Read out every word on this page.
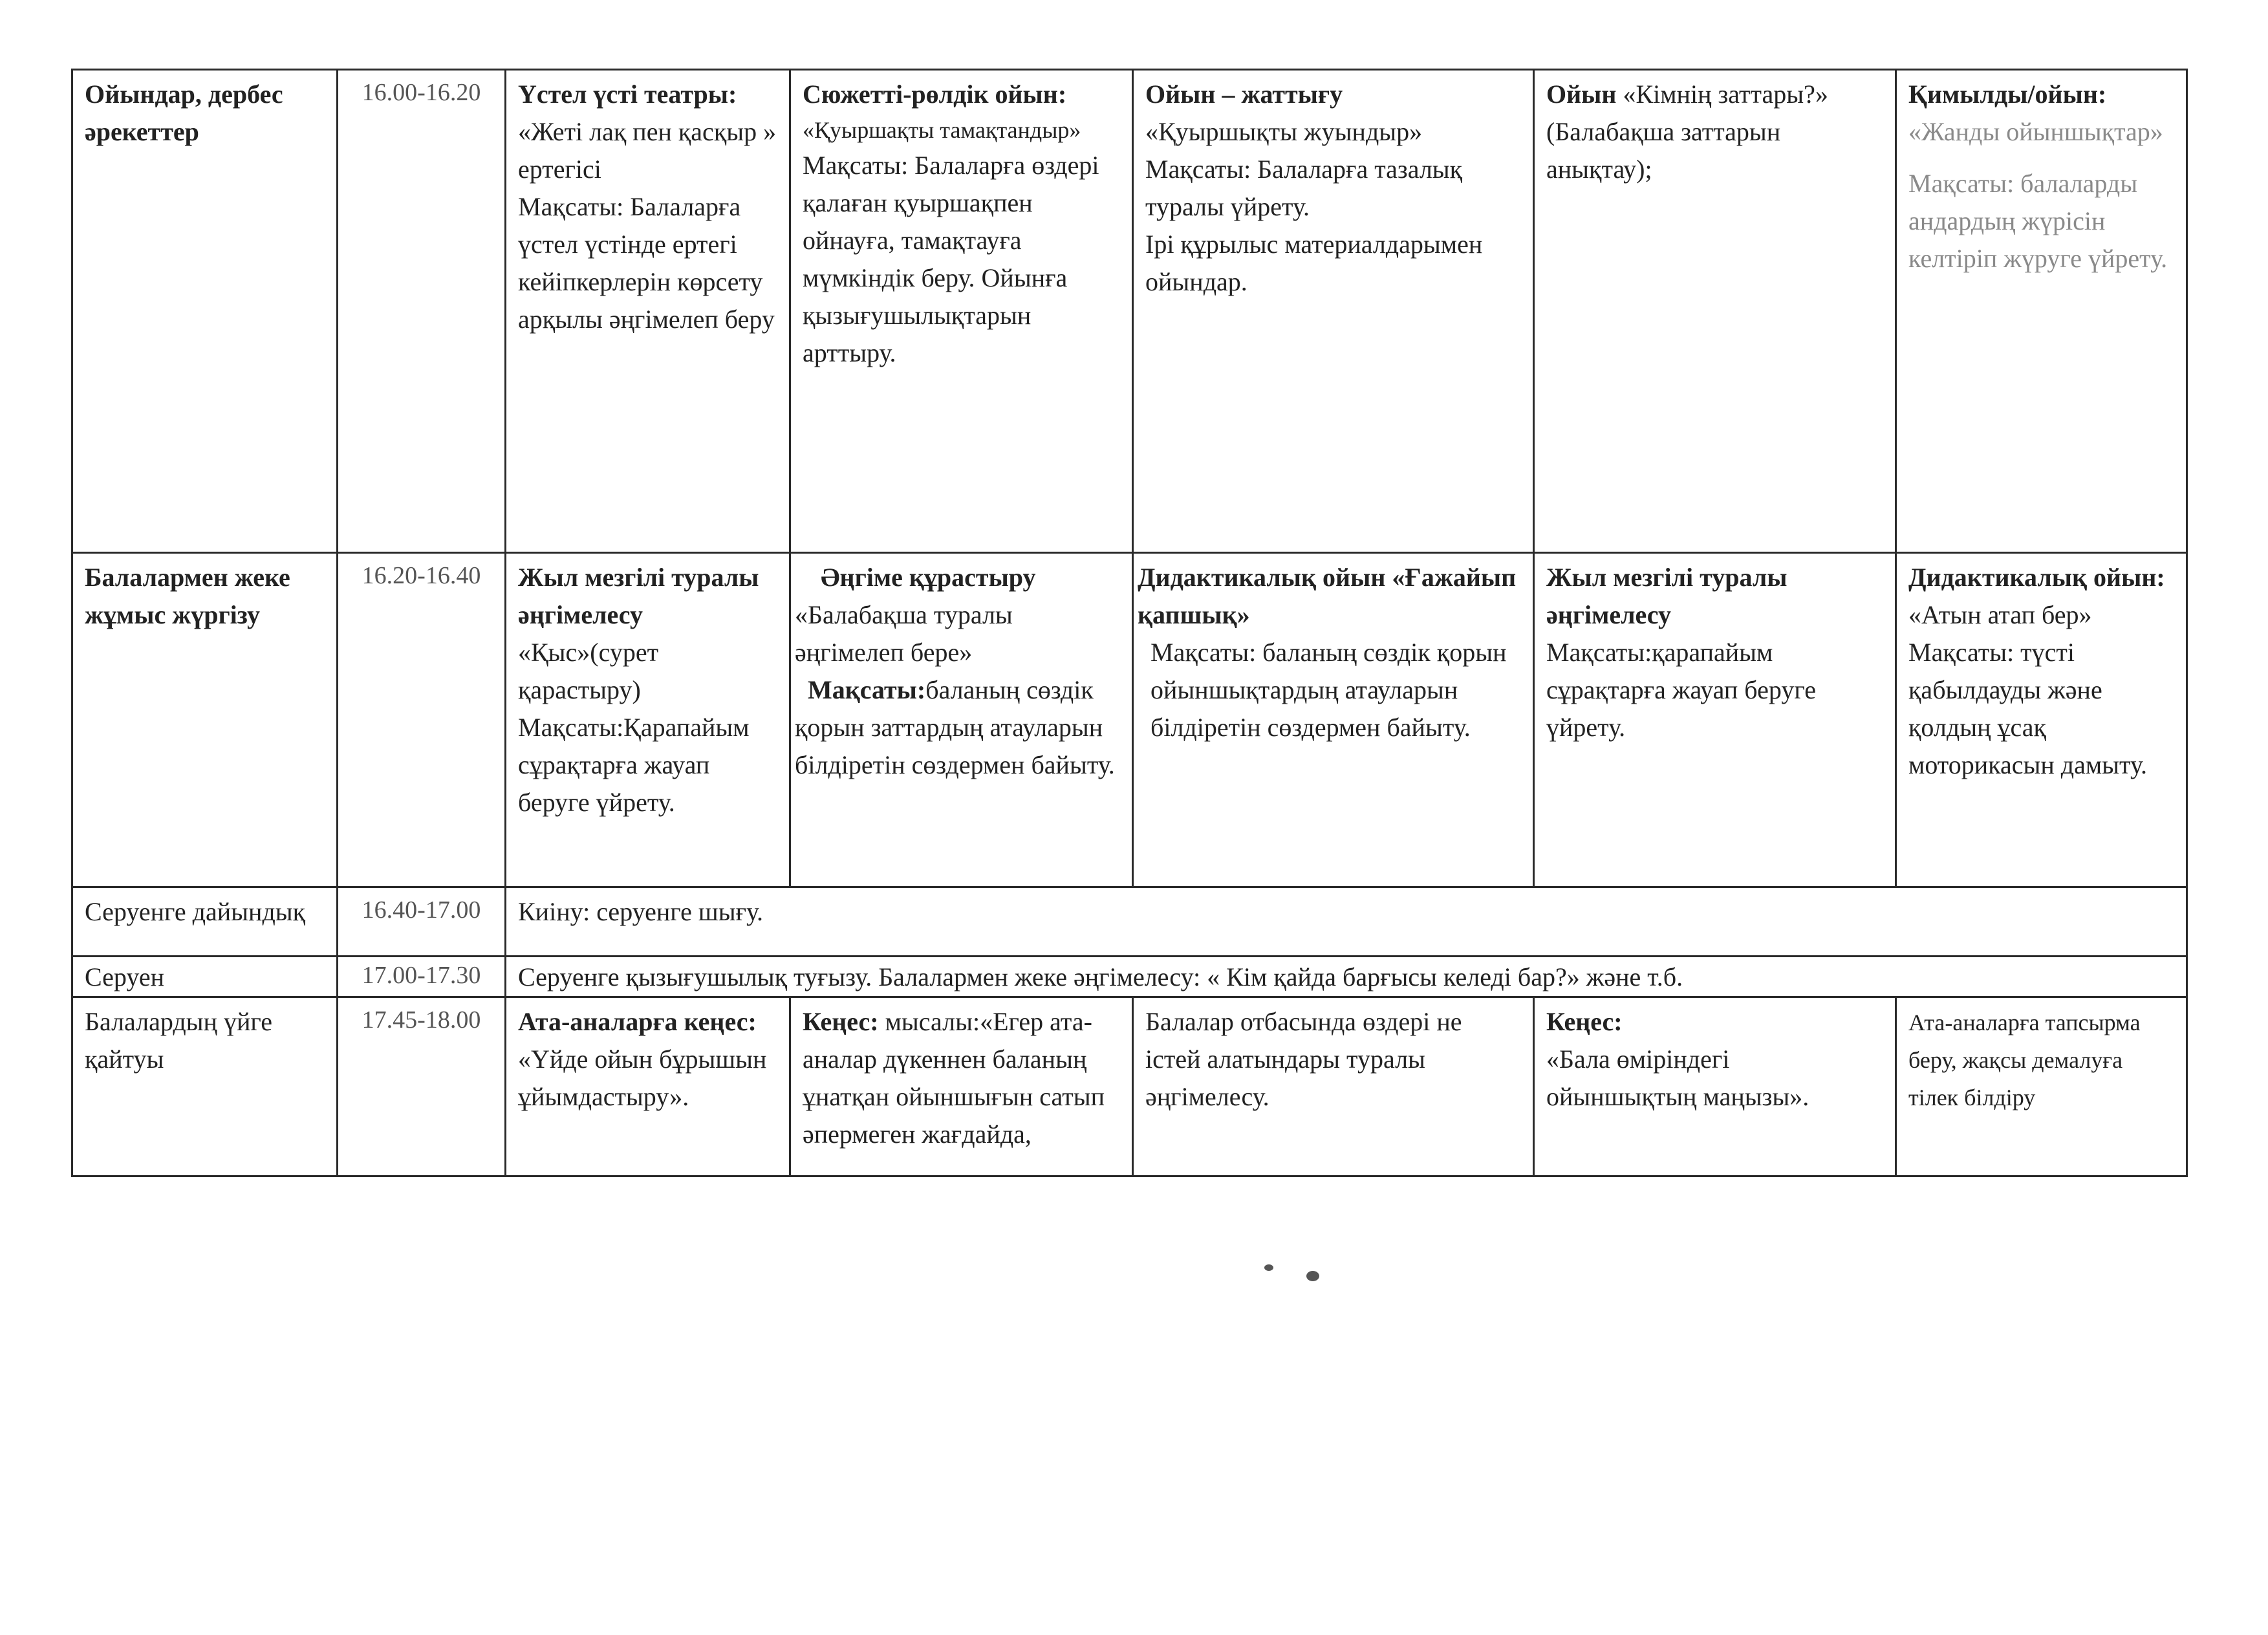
Ойындар, дербес әрекеттер	16.00-16.20	Үстел үсті театры:
«Жеті лақ пен қасқыр » ертегісі
Мақсаты: Балаларға үстел үстінде ертегі кейіпкерлерін көрсету арқылы әңгімелеп беру	Сюжетті-рөлдік ойын:
«Қуыршақты тамақтандыр»
Мақсаты: Балаларға өздері қалаған қуыршақпен ойнауға, тамақтауға мүмкіндік беру. Ойынға қызығушылықтарын арттыру.	Ойын – жаттығу
«Қуыршықты жуындыр»
Мақсаты: Балаларға тазалық туралы үйрету.
Ірі құрылыс материалдарымен ойындар.	Ойын «Кімнің заттары?» (Балабақша заттарын анықтау);	Қимылды/ойын:
«Жанды ойыншықтар»
Мақсаты: балаларды андардың жүрісін келтіріп жүруге үйрету.

Балалармен жеке жұмыс жүргізу	16.20-16.40	Жыл мезгілі туралы әңгімелесу
«Қыс»(сурет қарастыру)
Мақсаты:Қарапайым сұрақтарға жауап беруге үйрету.	Әңгіме құрастыру
«Балабақша туралы әңгімелеп бере»
Мақсаты:баланың сөздік қорын заттардың атауларын білдіретін сөздермен байыту.	Дидактикалық ойын «Ғажайып қапшық»
Мақсаты: баланың сөздік қорын ойыншықтардың атауларын білдіретін сөздермен байыту.	Жыл мезгілі туралы әңгімелесу
Мақсаты:қарапайым сұрақтарға жауап беруге үйрету.	Дидактикалық ойын:
«Атын атап бер»
Мақсаты: түсті қабылдауды және қолдың ұсақ моторикасын дамыту.

Серуенге дайындық	16.40-17.00	Киіну: серуенге шығу.				
Серуен	17.00-17.30	Серуенге қызығушылық туғызу. Балалармен жеке әңгімелесу: « Кім қайда барғысы келеді бар?» және т.б.				
Балалардың үйге қайтуы	17.45-18.00	Ата-аналарға кеңес:
«Үйде ойын бұрышын ұйымдастыру».	Кеңес: мысалы:«Егер ата-аналар дүкеннен баланың ұнатқан ойыншығын сатып әпермеген жағдайда,	Балалар отбасында өздері не істей алатындары туралы әңгімелесу.	Кеңес:
«Бала өміріндегі ойыншықтың маңызы».	Ата-аналарға тапсырма беру, жақсы демалуға тілек білдіру
